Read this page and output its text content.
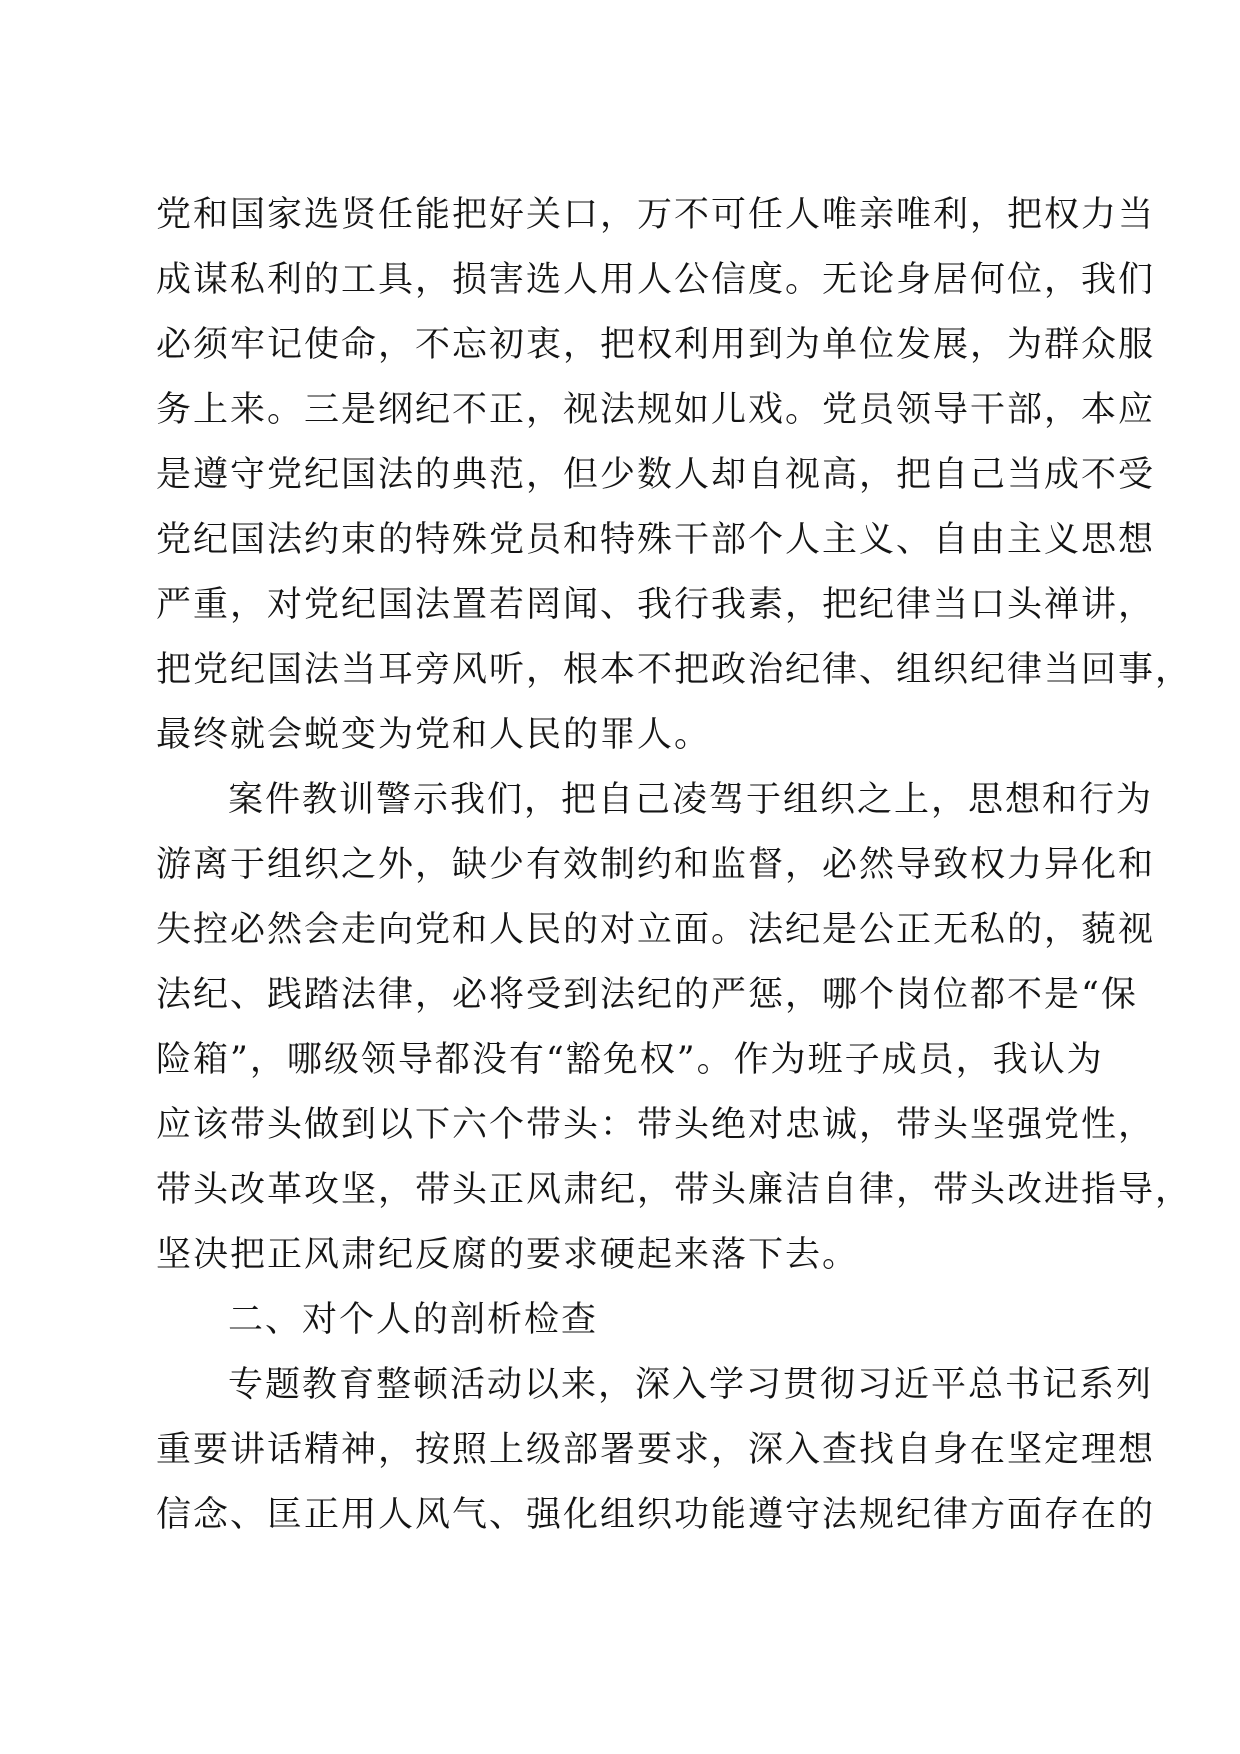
党和国家选贤任能把好关口，万不可任人唯亲唯利，把权力当
成谋私利的工具，损害选人用人公信度。无论身居何位，我们
必须牢记使命，不忘初衷，把权利用到为单位发展，为群众服
务上来。三是纲纪不正，视法规如儿戏。党员领导干部，本应
是遵守党纪国法的典范，但少数人却自视高，把自己当成不受
党纪国法约束的特殊党员和特殊干部个人主义、自由主义思想
严重，对党纪国法置若罔闻、我行我素，把纪律当口头禅讲，
把党纪国法当耳旁风听，根本不把政治纪律、组织纪律当回事，
最终就会蜕变为党和人民的罪人。

案件教训警示我们，把自己凌驾于组织之上，思想和行为
游离于组织之外，缺少有效制约和监督，必然导致权力异化和
失控必然会走向党和人民的对立面。法纪是公正无私的，藐视
法纪、践踏法律，必将受到法纪的严惩，哪个岗位都不是“保
险箱”，哪级领导都没有“豁免权”。作为班子成员，我认为
应该带头做到以下六个带头：带头绝对忠诚，带头坚强党性，
带头改革攻坚，带头正风肃纪，带头廉洁自律，带头改进指导，
坚决把正风肃纪反腐的要求硬起来落下去。

二、对个人的剖析检查

专题教育整顿活动以来，深入学习贯彻习近平总书记系列
重要讲话精神，按照上级部署要求，深入查找自身在坚定理想
信念、匡正用人风气、强化组织功能遵守法规纪律方面存在的
